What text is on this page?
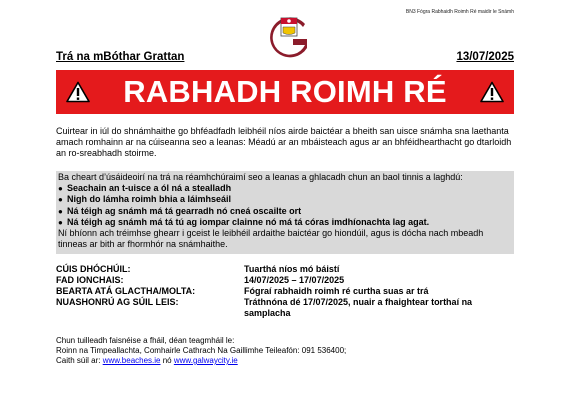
BN3 Fógra Rabhaidh Roimh Ré maidir le Snámh
Trá na mBóthar Grattan	13/07/2025
RABHADH ROIMH RÉ

Cuirtear in iúl do shnámhaithe go bhféadfadh leibhéil níos airde baictéar a bheith san uisce snámha sna laethanta amach romhainn ar na cúiseanna seo a leanas: Méadú ar an mbáisteach agus ar an bhféidhearthacht go dtarloidh an ro-sreabhadh stoirme.

Ba cheart d’úsáideoirí na trá na réamhchúraimí seo a leanas a ghlacadh chun an baol tinnis a laghdú:
● Seachain an t-uisce a ól ná a stealladh
● Nigh do lámha roimh bhia a láimhseáil
● Ná téigh ag snámh má tá gearradh nó cneá oscailte ort
● Ná téigh ag snámh má tá tú ag iompar clainne nó má tá córas imdhíonachta lag agat.
Ní bhíonn ach tréimhse ghearr i gceist le leibhéil ardaithe baictéar go hiondúil, agus is dócha nach mbeadh tinneas ar bith ar fhormhór na snámhaithe.
CÚIS DHÓCHÚIL:	Tuarthá níos mó báistí
FAD IONCHAIS:	14/07/2025 – 17/07/2025
BEARTA ATÁ GLACTHA/MOLTA:	Fógraí rabhaidh roimh ré curtha suas ar trá
NUASHONRÚ AG SÚIL LEIS:	Tráthnóna dé 17/07/2025, nuair a fhaightear torthaí na samplacha
Chun tuilleadh faisnéise a fháil, déan teagmháil le:
Roinn na Timpeallachta, Comhairle Cathrach Na Gaillimhe Teileafón: 091 536400;
Caith súil ar: www.beaches.ie nó www.galwaycity.ie
